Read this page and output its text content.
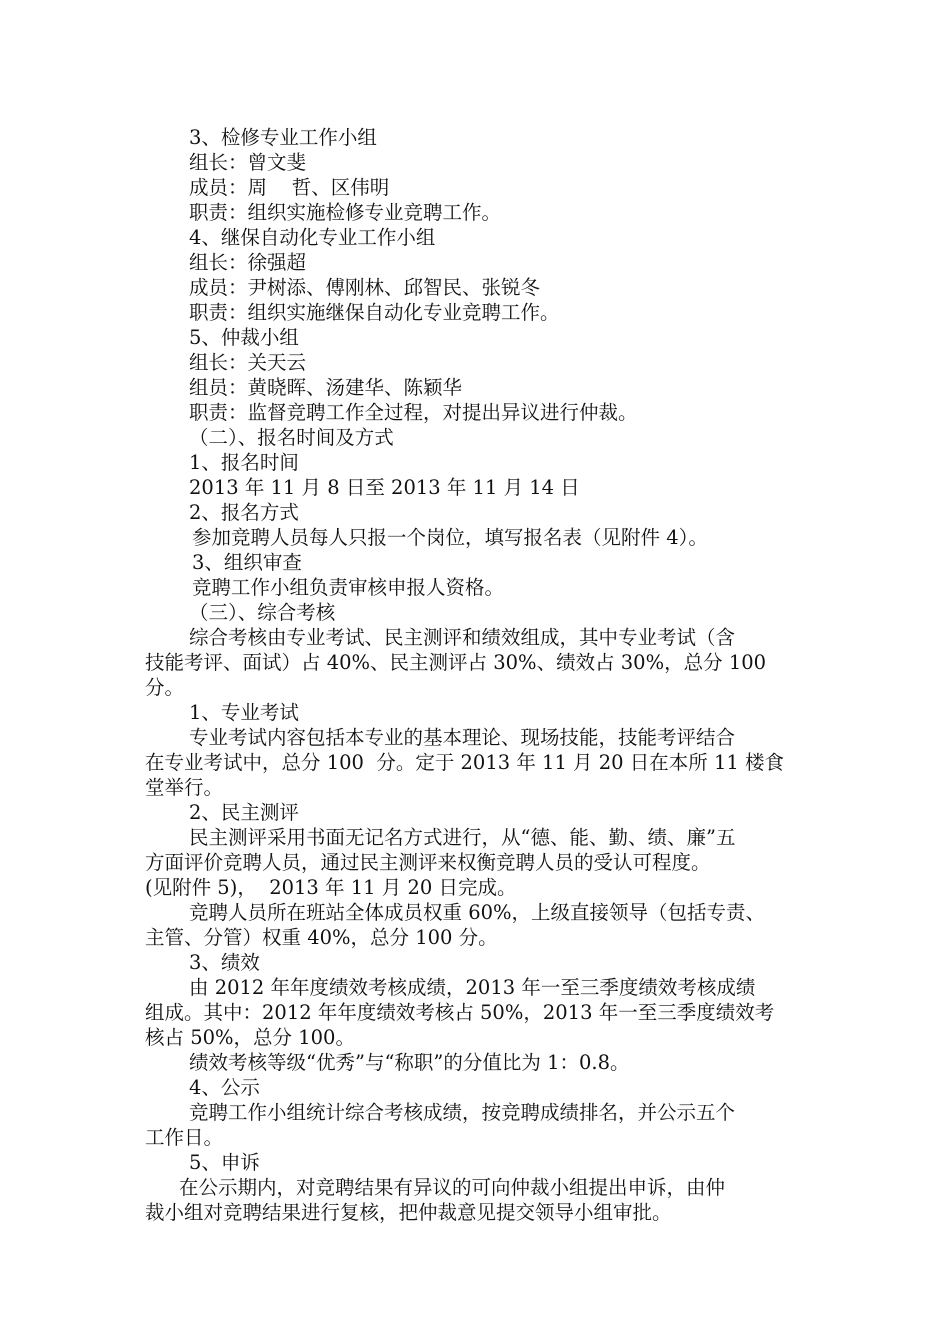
3、检修专业工作小组

组长：曾文斐

成员：周    哲、区伟明

职责：组织实施检修专业竞聘工作。

4、继保自动化专业工作小组

组长：徐强超

成员：尹树添、傅刚林、邱智民、张锐冬

职责：组织实施继保自动化专业竞聘工作。

5、仲裁小组

组长：关天云

组员：黄晓晖、汤建华、陈颖华

职责：监督竞聘工作全过程，对提出异议进行仲裁。

（二）、报名时间及方式

1、报名时间

2013 年 11 月 8 日至 2013 年 11 月 14 日

2、报名方式

参加竞聘人员每人只报一个岗位，填写报名表（见附件 4）。

3、组织审查

竞聘工作小组负责审核申报人资格。

（三）、综合考核

综合考核由专业考试、民主测评和绩效组成，其中专业考试（含

技能考评、面试）占 40%、民主测评占 30%、绩效占 30%，总分 100

分。

1、专业考试

专业考试内容包括本专业的基本理论、现场技能，技能考评结合

在专业考试中，总分 100  分。定于 2013 年 11 月 20 日在本所 11 楼食

堂举行。

2、民主测评

民主测评采用书面无记名方式进行，从“德、能、勤、绩、廉”五

方面评价竞聘人员，通过民主测评来权衡竞聘人员的受认可程度。

(见附件 5)，  2013 年 11 月 20 日完成。

竞聘人员所在班站全体成员权重 60%，上级直接领导（包括专责、

主管、分管）权重 40%，总分 100 分。

3、绩效

由 2012 年年度绩效考核成绩，2013 年一至三季度绩效考核成绩

组成。其中：2012 年年度绩效考核占 50%，2013 年一至三季度绩效考

核占 50%，总分 100。

绩效考核等级“优秀”与“称职”的分值比为 1：0.8。

4、公示

竞聘工作小组统计综合考核成绩，按竞聘成绩排名，并公示五个

工作日。

5、申诉

在公示期内，对竞聘结果有异议的可向仲裁小组提出申诉，由仲

裁小组对竞聘结果进行复核，把仲裁意见提交领导小组审批。
